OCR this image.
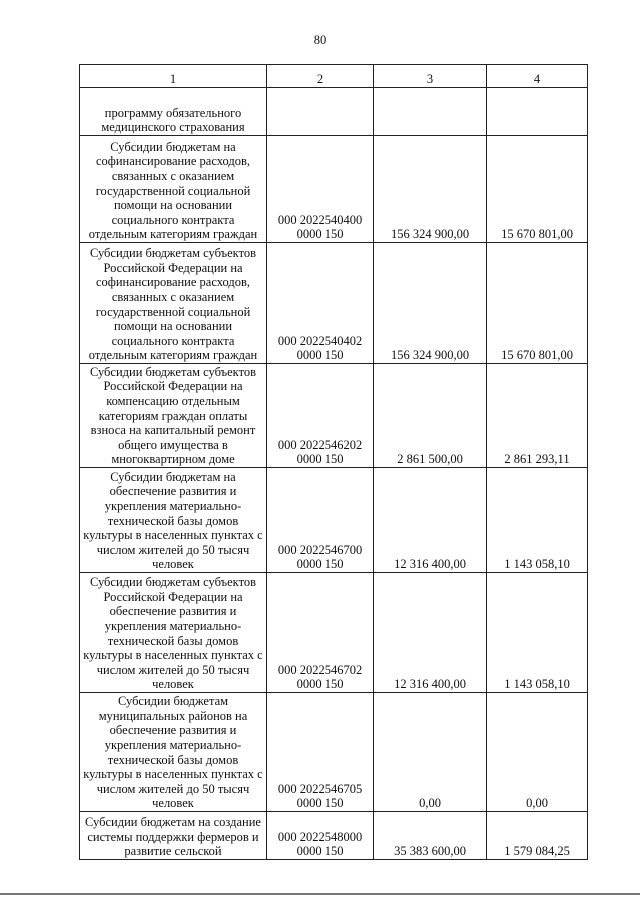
80
1	2	3	4
программу обязательного медицинского страхования			
Субсидии бюджетам на софинансирование расходов, связанных с оказанием государственной социальной помощи на основании социального контракта отдельным категориям граждан	000 2022540400 0000 150	156 324 900,00	15 670 801,00
Субсидии бюджетам субъектов Российской Федерации на софинансирование расходов, связанных с оказанием государственной социальной помощи на основании социального контракта отдельным категориям граждан	000 2022540402 0000 150	156 324 900,00	15 670 801,00
Субсидии бюджетам субъектов Российской Федерации на компенсацию отдельным категориям граждан оплаты взноса на капитальный ремонт общего имущества в многоквартирном доме	000 2022546202 0000 150	2 861 500,00	2 861 293,11
Субсидии бюджетам на обеспечение развития и укрепления материально-технической базы домов культуры в населенных пунктах с числом жителей до 50 тысяч человек	000 2022546700 0000 150	12 316 400,00	1 143 058,10
Субсидии бюджетам субъектов Российской Федерации на обеспечение развития и укрепления материально-технической базы домов культуры в населенных пунктах с числом жителей до 50 тысяч человек	000 2022546702 0000 150	12 316 400,00	1 143 058,10
Субсидии бюджетам муниципальных районов на обеспечение развития и укрепления материально-технической базы домов культуры в населенных пунктах с числом жителей до 50 тысяч человек	000 2022546705 0000 150	0,00	0,00
Субсидии бюджетам на создание системы поддержки фермеров и развитие сельской	000 2022548000 0000 150	35 383 600,00	1 579 084,25
